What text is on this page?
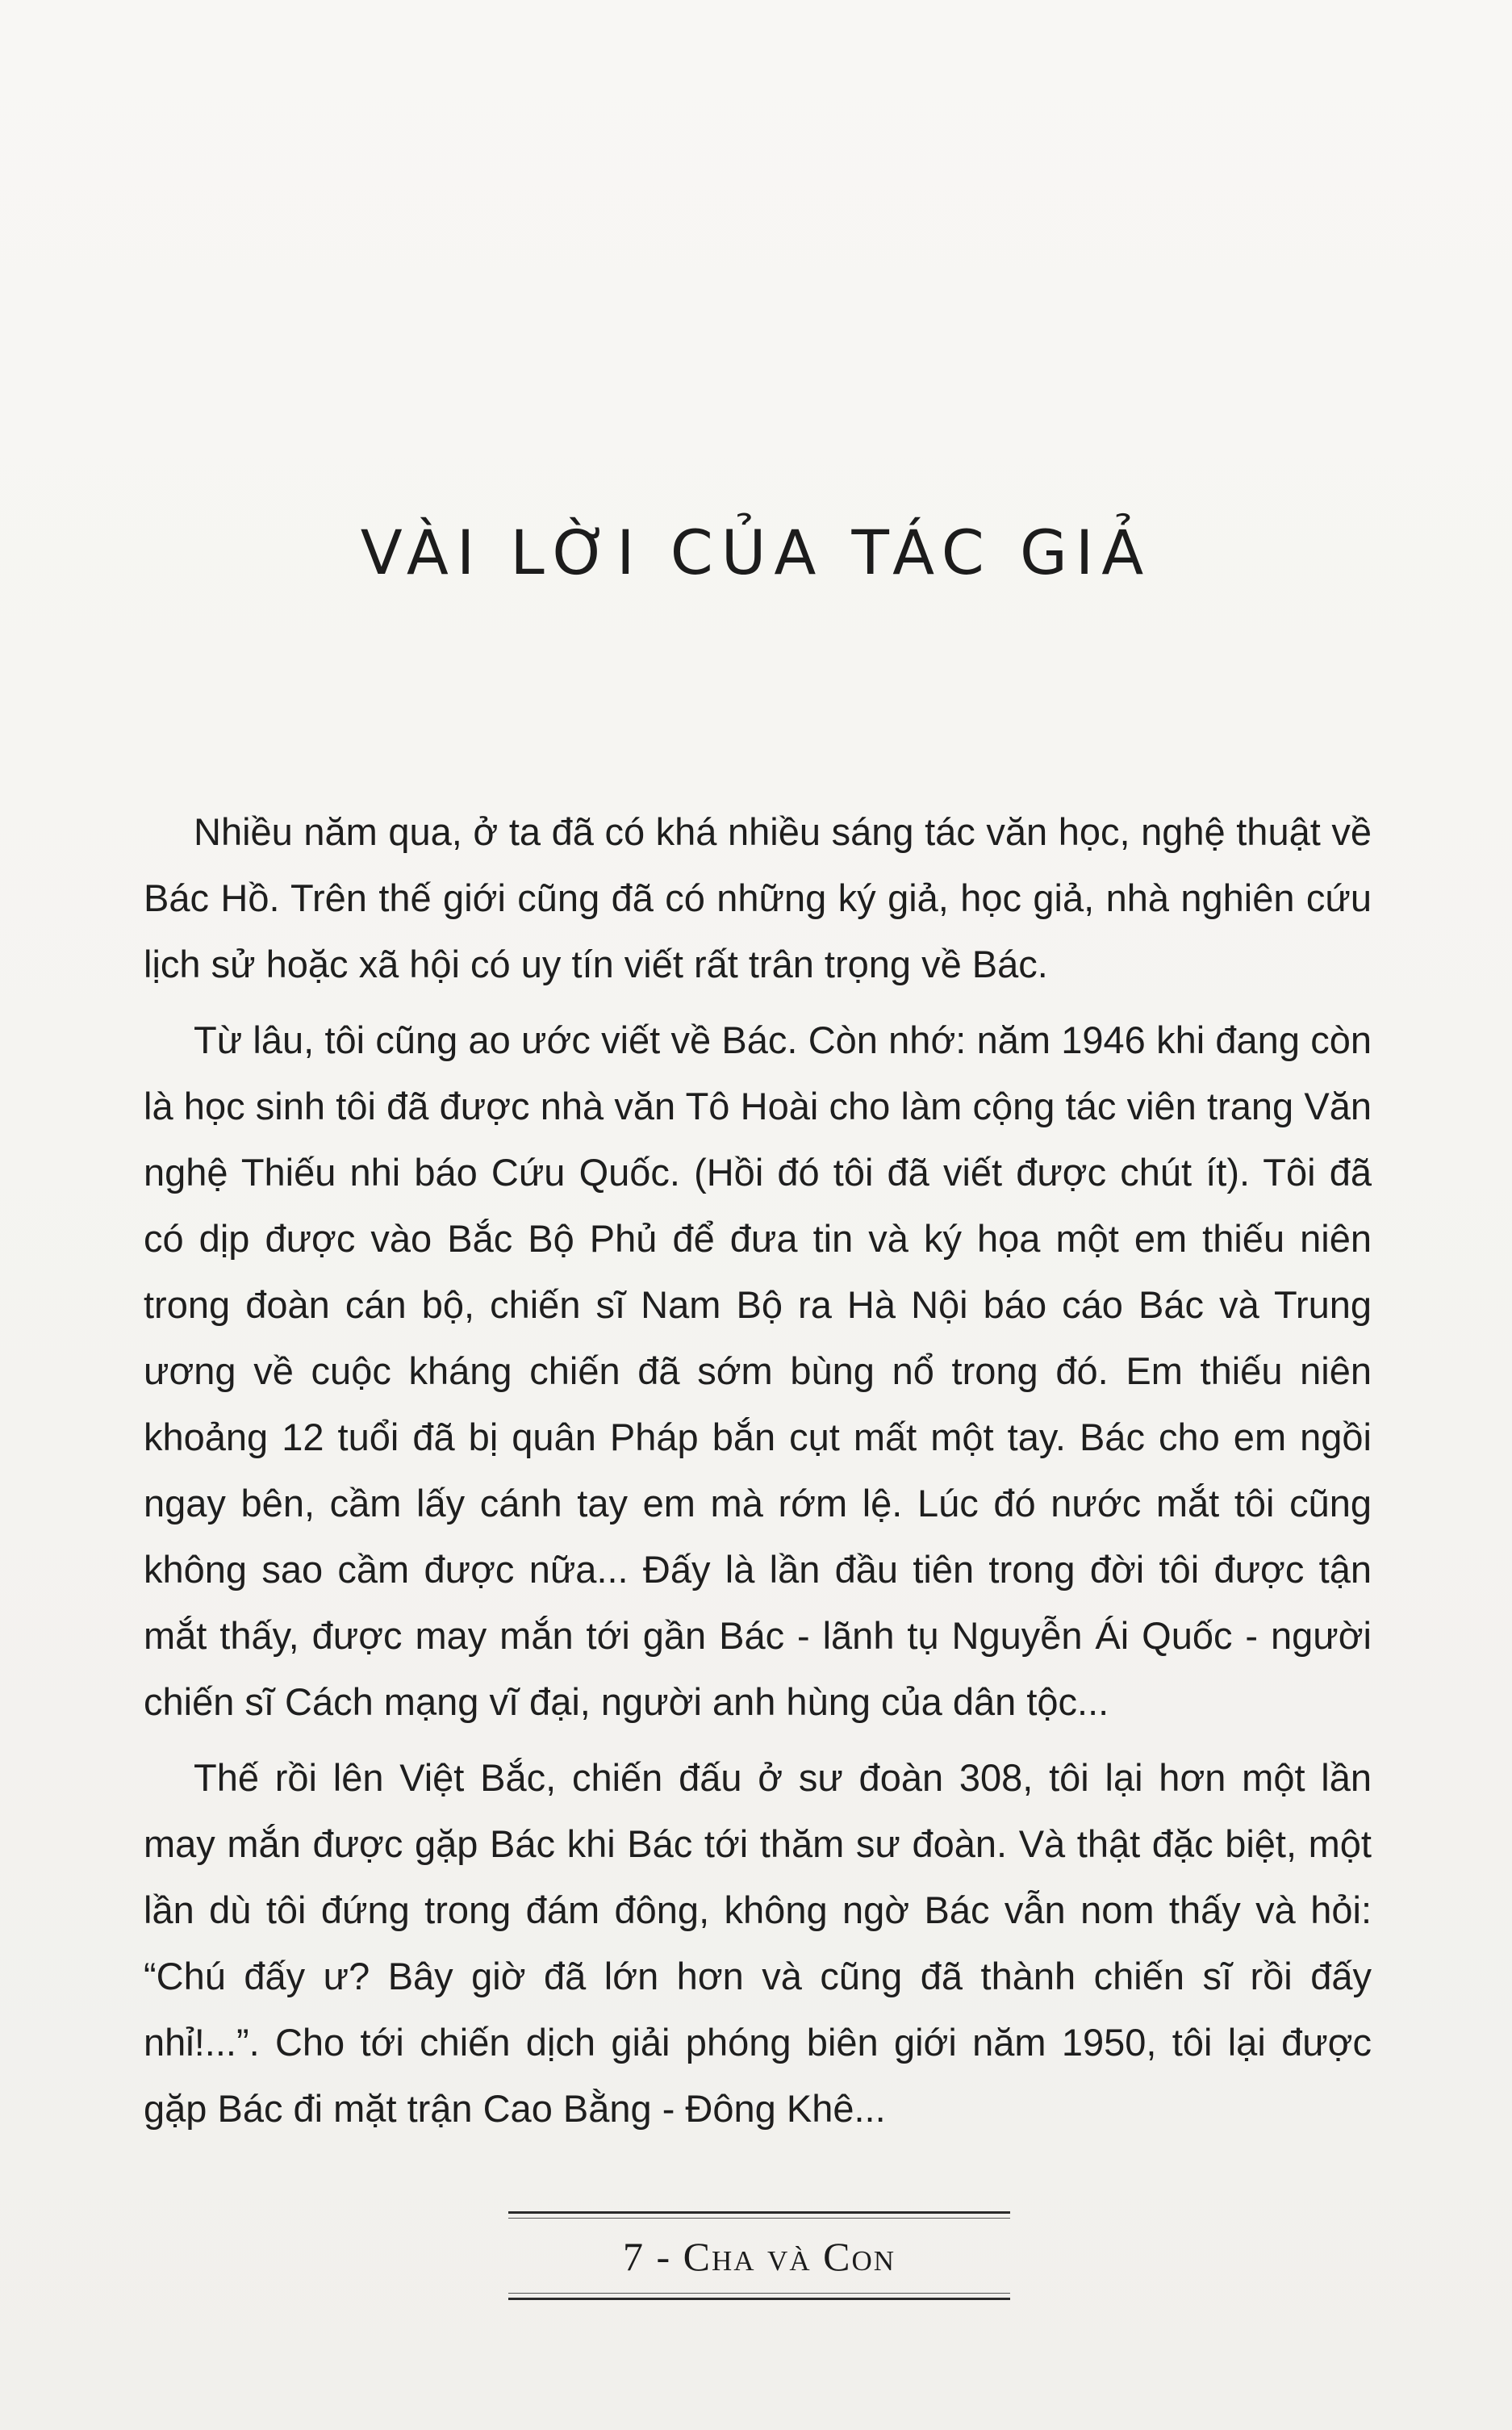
VÀI LỜI CỦA TÁC GIẢ

Nhiều năm qua, ở ta đã có khá nhiều sáng tác văn học, nghệ thuật về Bác Hồ. Trên thế giới cũng đã có những ký giả, học giả, nhà nghiên cứu lịch sử hoặc xã hội có uy tín viết rất trân trọng về Bác.

Từ lâu, tôi cũng ao ước viết về Bác. Còn nhớ: năm 1946 khi đang còn là học sinh tôi đã được nhà văn Tô Hoài cho làm cộng tác viên trang Văn nghệ Thiếu nhi báo Cứu Quốc. (Hồi đó tôi đã viết được chút ít). Tôi đã có dịp được vào Bắc Bộ Phủ để đưa tin và ký họa một em thiếu niên trong đoàn cán bộ, chiến sĩ Nam Bộ ra Hà Nội báo cáo Bác và Trung ương về cuộc kháng chiến đã sớm bùng nổ trong đó. Em thiếu niên khoảng 12 tuổi đã bị quân Pháp bắn cụt mất một tay. Bác cho em ngồi ngay bên, cầm lấy cánh tay em mà rớm lệ. Lúc đó nước mắt tôi cũng không sao cầm được nữa... Đấy là lần đầu tiên trong đời tôi được tận mắt thấy, được may mắn tới gần Bác - lãnh tụ Nguyễn Ái Quốc - người chiến sĩ Cách mạng vĩ đại, người anh hùng của dân tộc...

Thế rồi lên Việt Bắc, chiến đấu ở sư đoàn 308, tôi lại hơn một lần may mắn được gặp Bác khi Bác tới thăm sư đoàn. Và thật đặc biệt, một lần dù tôi đứng trong đám đông, không ngờ Bác vẫn nom thấy và hỏi: “Chú đấy ư? Bây giờ đã lớn hơn và cũng đã thành chiến sĩ rồi đấy nhỉ!...”. Cho tới chiến dịch giải phóng biên giới năm 1950, tôi lại được gặp Bác đi mặt trận Cao Bằng - Đông Khê...

7 - Cha và Con
